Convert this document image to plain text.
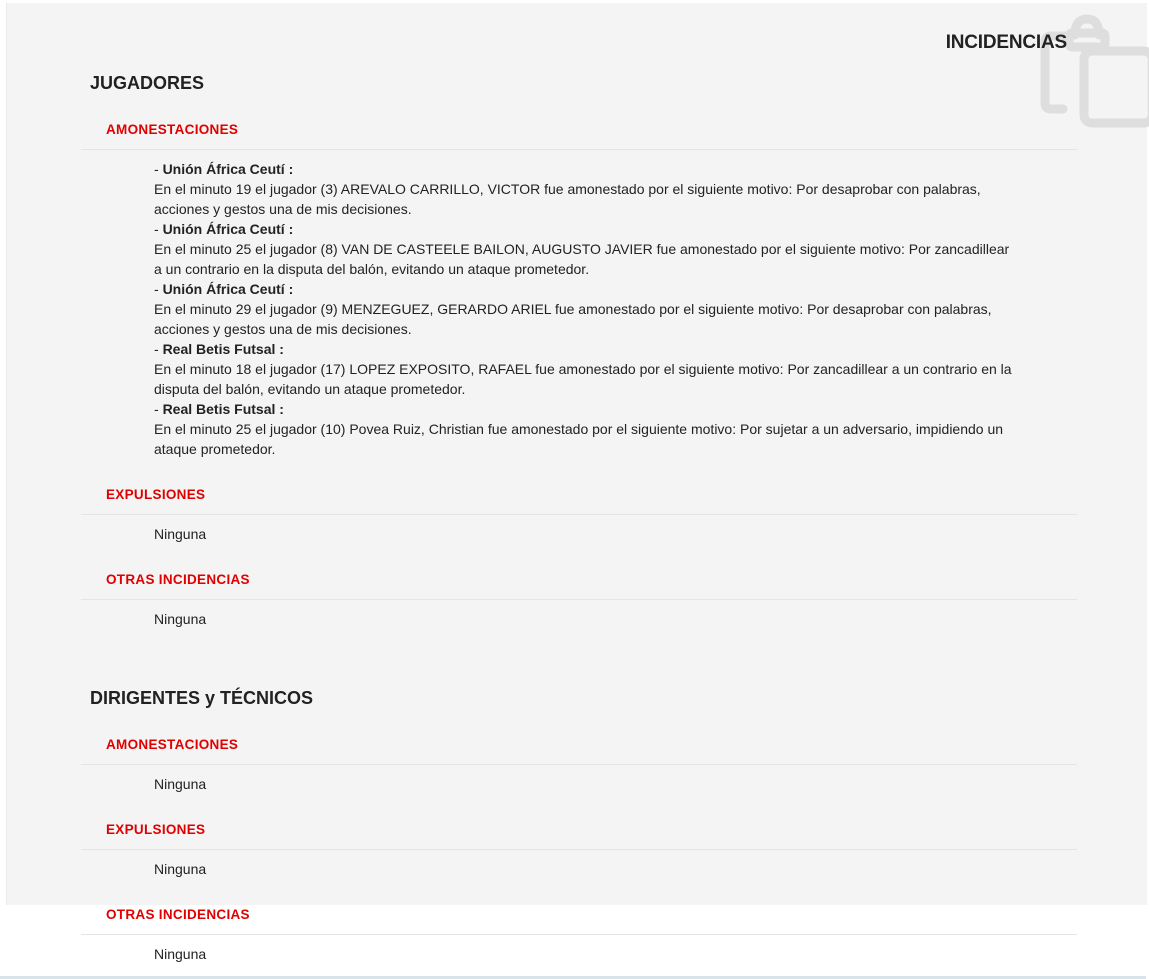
INCIDENCIAS
JUGADORES
AMONESTACIONES
- Unión África Ceutí :
En el minuto 19 el jugador (3) AREVALO CARRILLO, VICTOR fue amonestado por el siguiente motivo: Por desaprobar con palabras, acciones y gestos una de mis decisiones.
- Unión África Ceutí :
En el minuto 25 el jugador (8) VAN DE CASTEELE BAILON, AUGUSTO JAVIER fue amonestado por el siguiente motivo: Por zancadillear a un contrario en la disputa del balón, evitando un ataque prometedor.
- Unión África Ceutí :
En el minuto 29 el jugador (9) MENZEGUEZ, GERARDO ARIEL fue amonestado por el siguiente motivo: Por desaprobar con palabras, acciones y gestos una de mis decisiones.
- Real Betis Futsal :
En el minuto 18 el jugador (17) LOPEZ EXPOSITO, RAFAEL fue amonestado por el siguiente motivo: Por zancadillear a un contrario en la disputa del balón, evitando un ataque prometedor.
- Real Betis Futsal :
En el minuto 25 el jugador (10) Povea Ruiz, Christian fue amonestado por el siguiente motivo: Por sujetar a un adversario, impidiendo un ataque prometedor.
EXPULSIONES
Ninguna
OTRAS INCIDENCIAS
Ninguna
DIRIGENTES y TÉCNICOS
AMONESTACIONES
Ninguna
EXPULSIONES
Ninguna
OTRAS INCIDENCIAS
Ninguna
